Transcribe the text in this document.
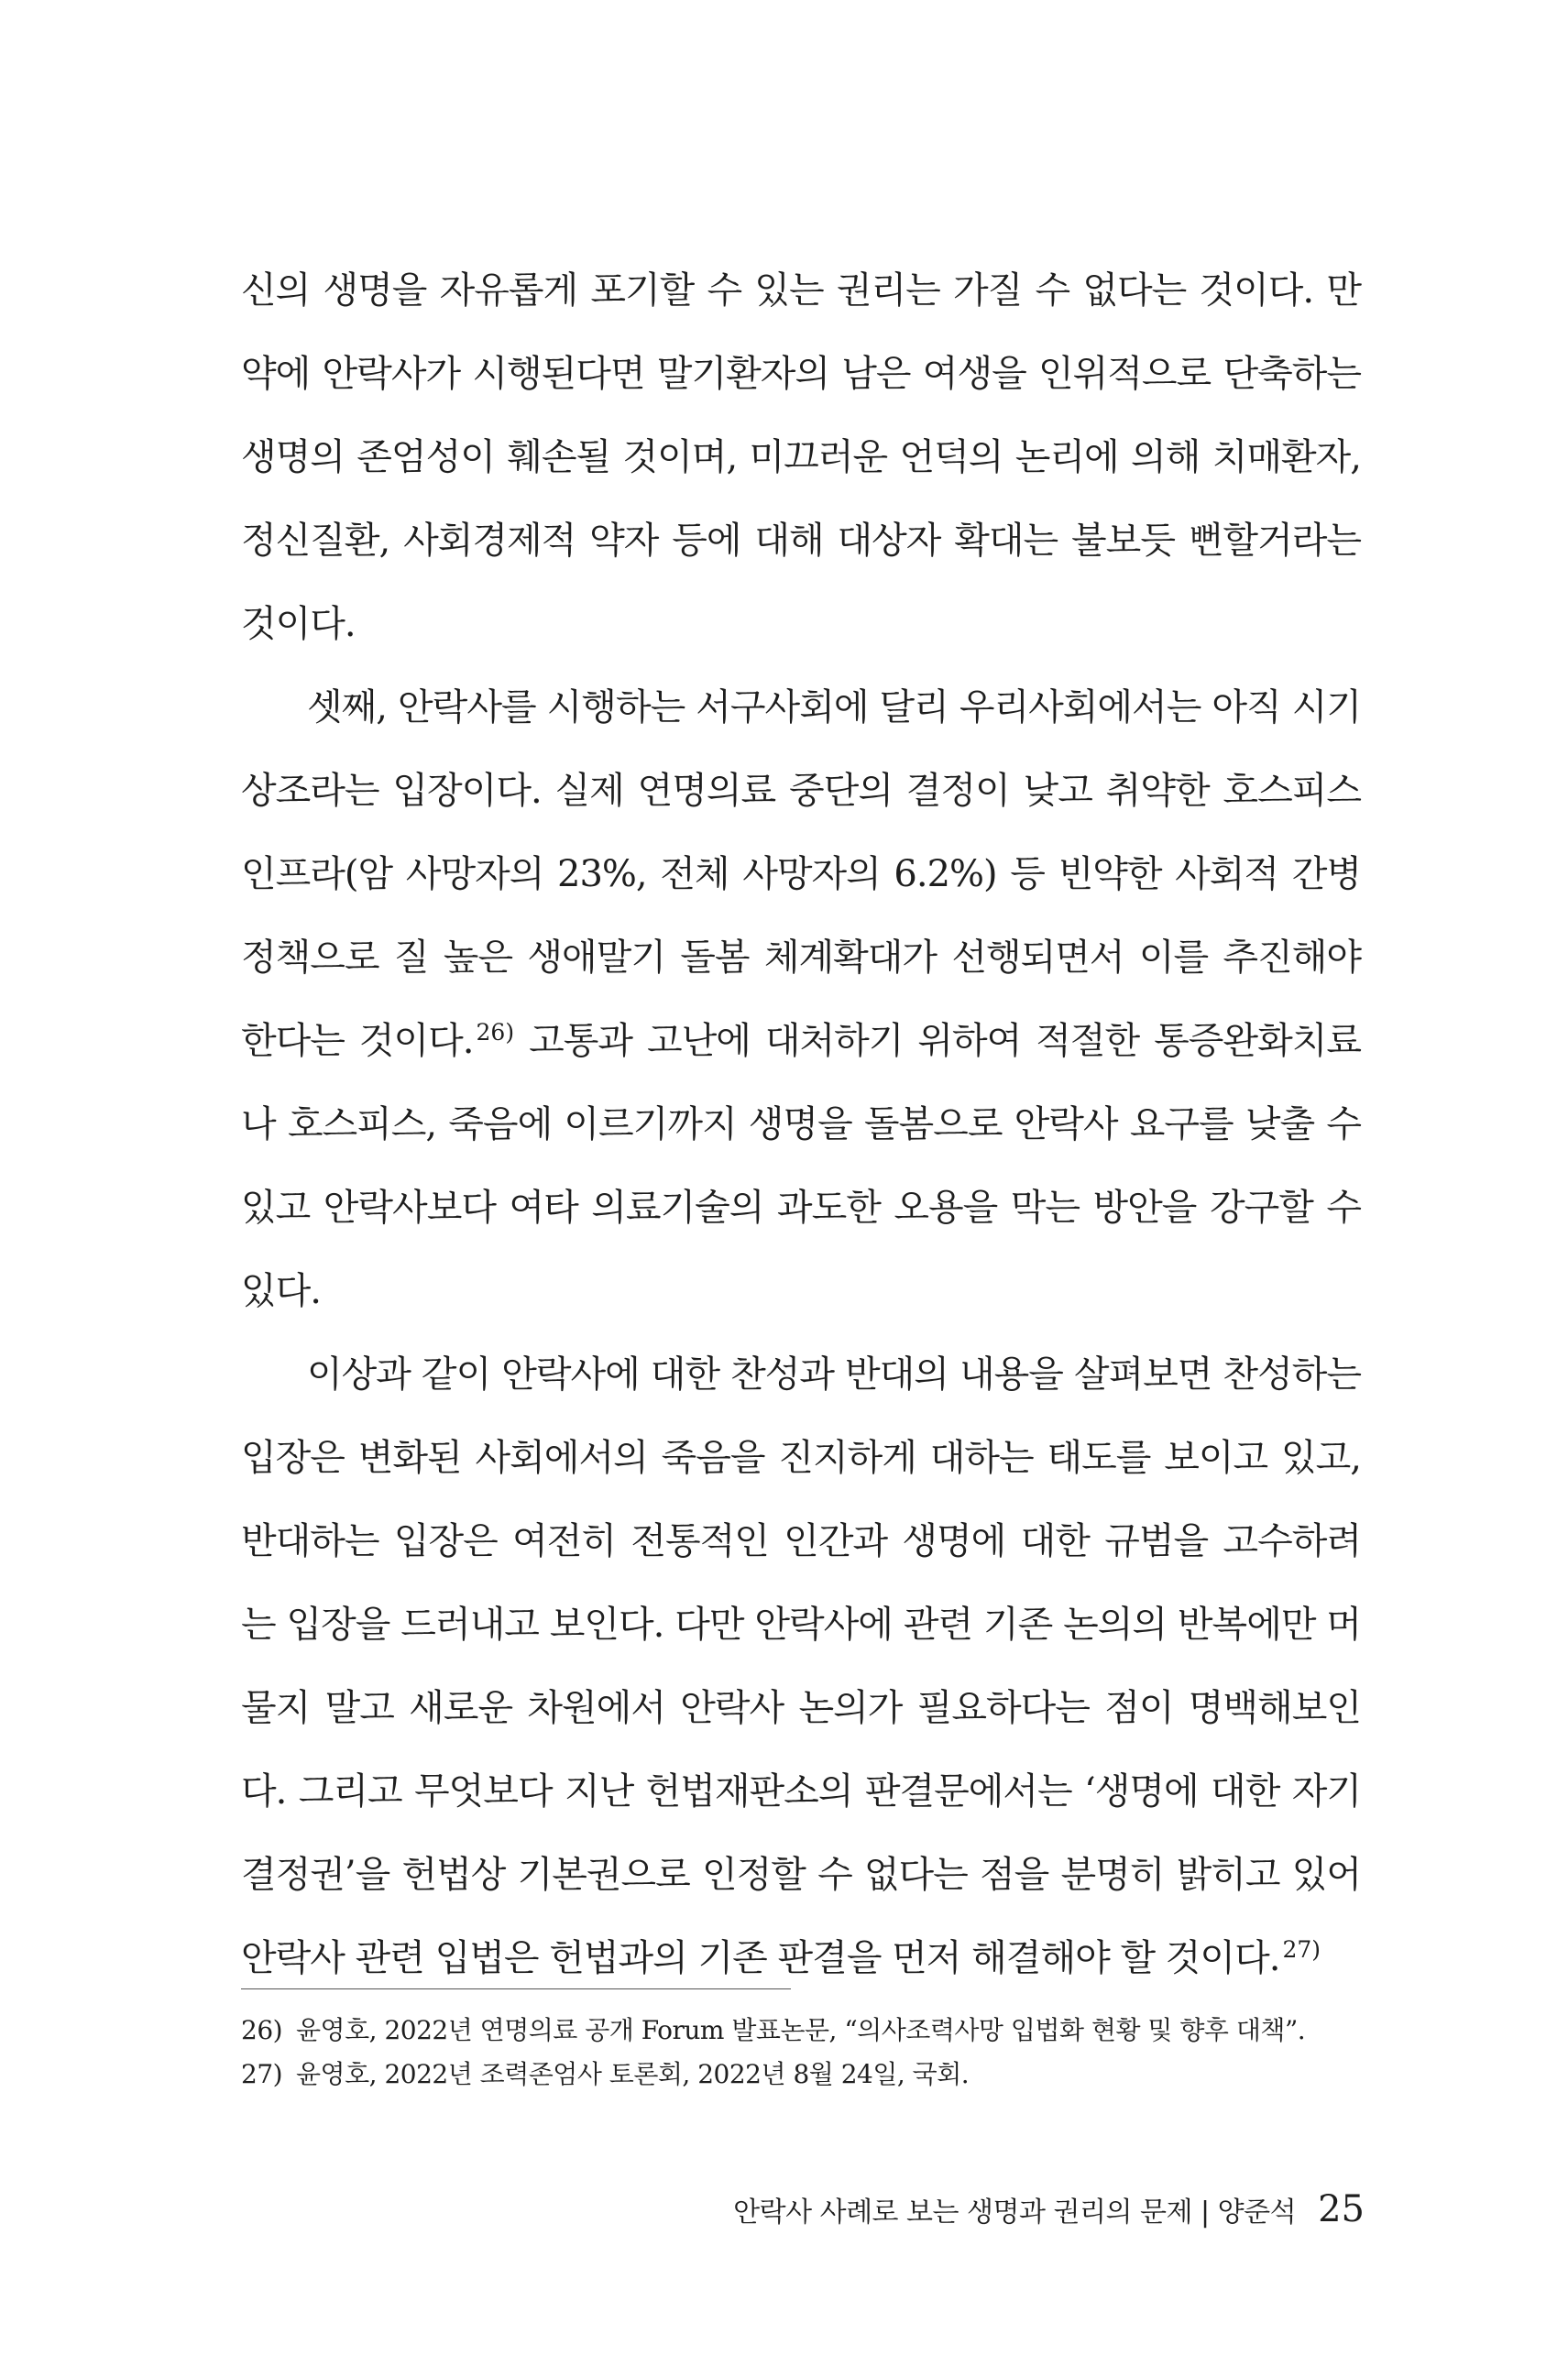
신의 생명을 자유롭게 포기할 수 있는 권리는 가질 수 없다는 것이다. 만약에 안락사가 시행된다면 말기환자의 남은 여생을 인위적으로 단축하는 생명의 존엄성이 훼손될 것이며, 미끄러운 언덕의 논리에 의해 치매환자, 정신질환, 사회경제적 약자 등에 대해 대상자 확대는 불보듯 뻔할거라는 것이다.

셋째, 안락사를 시행하는 서구사회에 달리 우리사회에서는 아직 시기 상조라는 입장이다. 실제 연명의료 중단의 결정이 낮고 취약한 호스피스 인프라(암 사망자의 23%, 전체 사망자의 6.2%) 등 빈약한 사회적 간병정책으로 질 높은 생애말기 돌봄 체계확대가 선행되면서 이를 추진해야 한다는 것이다. $^{26)}$ 고통과 고난에 대처하기 위하여 적절한 통증완화치료나 호스피스, 죽음에 이르기까지 생명을 돌봄으로 안락사 요구를 낮출 수 있고 안락사보다 여타 의료기술의 과도한 오용을 막는 방안을 강구할 수 있다.

이상과 같이 안락사에 대한 찬성과 반대의 내용을 살펴보면 찬성하는 입장은 변화된 사회에서의 죽음을 진지하게 대하는 태도를 보이고 있고, 반대하는 입장은 여전히 전통적인 인간과 생명에 대한 규범을 고수하려는 입장을 드러내고 보인다. 다만 안락사에 관련 기존 논의의 반복에만 머물지 말고 새로운 차원에서 안락사 논의가 필요하다는 점이 명백해보인다. 그리고 무엇보다 지난 헌법재판소의 판결문에서는 ‘생명에 대한 자기 결정권’을 헌법상 기본권으로 인정할 수 없다는 점을 분명히 밝히고 있어 안락사 관련 입법은 헌법과의 기존 판결을 먼저 해결해야 할 것이다. $^{27)}$

26) 윤영호, 2022년 연명의료 공개 Forum 발표논문, “의사조력사망 입법화 현황 및 향후 대책”.
27) 윤영호, 2022년 조력존엄사 토론회, 2022년 8월 24일, 국회.
안락사 사례로 보는 생명과 권리의 문제 | 양준석 25
